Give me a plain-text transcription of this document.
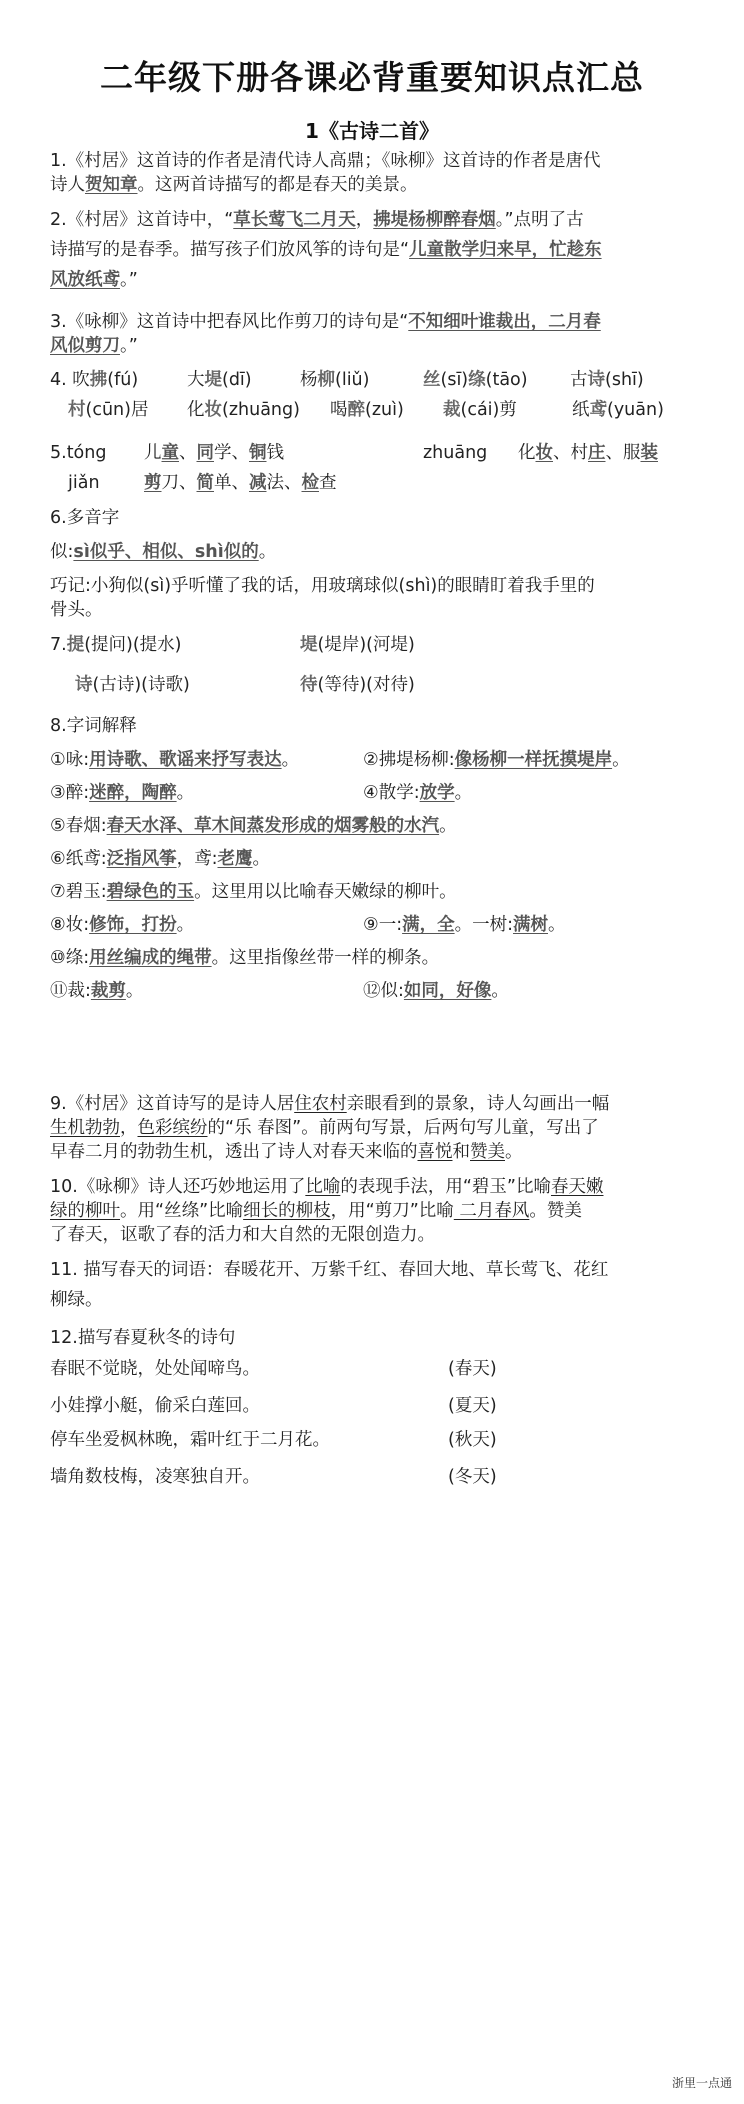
二年级下册各课必背重要知识点汇总
1《古诗二首》
1.《村居》这首诗的作者是清代诗人高鼎；《咏柳》这首诗的作者是唐代
诗人贺知章。这两首诗描写的都是春天的美景。
2.《村居》这首诗中，“草长莺飞二月天，拂堤杨柳醉春烟。”点明了古
诗描写的是春季。描写孩子们放风筝的诗句是“儿童散学归来早，忙趁东
风放纸鸢。”
3.《咏柳》这首诗中把春风比作剪刀的诗句是“不知细叶谁裁出，二月春
风似剪刀。”
4. 吹拂(fú)	大堤(dī)	杨柳(liǔ)	丝(sī)绦(tāo) 古诗(shī)
村(cūn)居 化妆(zhuāng) 喝醉(zuì) 裁(cái)剪	纸鸢(yuān)
5.tóng 儿童、同学、铜钱	zhuāng 化妆、村庄、服装
jiǎn	剪刀、简单、减法、检查
6.多音字
似:sì似乎、相似、shì似的。
巧记:小狗似(sì)乎听懂了我的话，用玻璃球似(shì)的眼睛盯着我手里的
骨头。
7.提(提问)(提水)	堤(堤岸)(河堤)
诗(古诗)(诗歌)	待(等待)(对待)
8.字词解释
①咏:用诗歌、歌谣来抒写表达。	②拂堤杨柳:像杨柳一样抚摸堤岸。
③醉:迷醉，陶醉。	④散学:放学。
⑤春烟:春天水泽、草木间蒸发形成的烟雾般的水汽。
⑥纸鸢:泛指风筝，鸢:老鹰。
⑦碧玉:碧绿色的玉。这里用以比喻春天嫩绿的柳叶。
⑧妆:修饰，打扮。	⑨一:满，全。一树:满树。
⑩绦:用丝编成的绳带。这里指像丝带一样的柳条。
⑪裁:裁剪。	⑫似:如同，好像。
9.《村居》这首诗写的是诗人居住农村亲眼看到的景象，诗人勾画出一幅
生机勃勃，色彩缤纷的“乐 春图”。前两句写景，后两句写儿童，写出了
早春二月的勃勃生机，透出了诗人对春天来临的喜悦和赞美。
10.《咏柳》诗人还巧妙地运用了比喻的表现手法，用“碧玉”比喻春天嫩
绿的柳叶。用“丝绦”比喻细长的柳枝，用“剪刀”比喻 二月春风。赞美
了春天，讴歌了春的活力和大自然的无限创造力。
11. 描写春天的词语：春暖花开、万紫千红、春回大地、草长莺飞、花红
柳绿。
12.描写春夏秋冬的诗句
春眠不觉晓，处处闻啼鸟。	(春天)
小娃撑小艇，偷采白莲回。	(夏天)
停车坐爱枫林晚，霜叶红于二月花。	(秋天)
墙角数枝梅，凌寒独自开。	(冬天)
浙里一点通
